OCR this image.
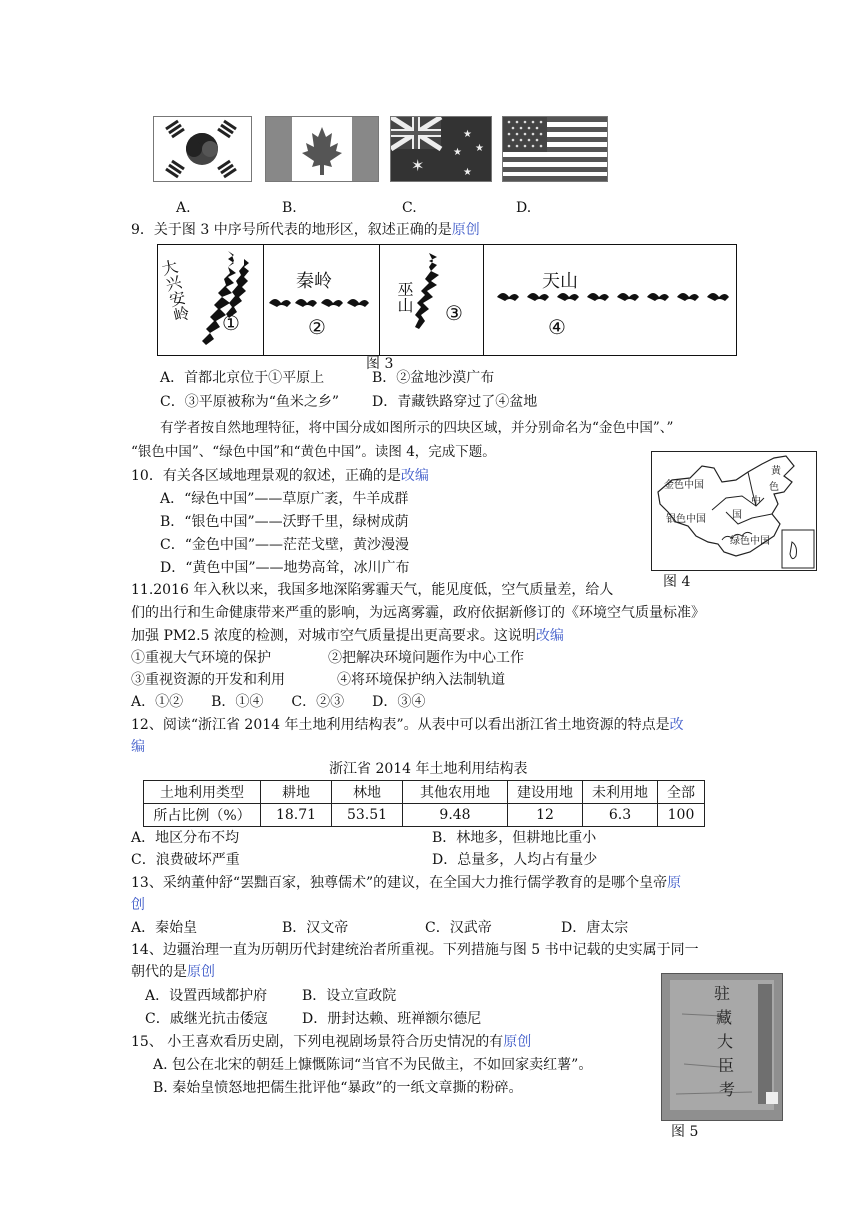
✶
★
★
★
★
A.	B.	C.	D.
9．关于图 3 中序号所代表的地形区，叙述正确的是原创
大兴安岭 ①
秦岭
②
巫山 ③
天山
④
图 3
A．首都北京位于①平原上	B．②盆地沙漠广布
C．③平原被称为“鱼米之乡” D．青藏铁路穿过了④盆地
有学者按自然地理特征，将中国分成如图所示的四块区域，并分别命名为“金色中国”、”
“银色中国”、“绿色中国”和“黄色中国”。读图 4，完成下题。
10．有关各区域地理景观的叙述，正确的是改编
A．“绿色中国”——草原广袤，牛羊成群
B．“银色中国”——沃野千里，绿树成荫
C．“金色中国”——茫茫戈壁，黄沙漫漫
D．“黄色中国”——地势高耸，冰川广布
金色中国
银色中国
绿色中国
黄
色
中
国
图 4
11.2016 年入秋以来，我国多地深陷雾霾天气，能见度低，空气质量差，给人
们的出行和生命健康带来严重的影响，为远离雾霾，政府依据新修订的《环境空气质量标准》
加强 PM2.5 浓度的检测，对城市空气质量提出更高要求。这说明改编
①重视大气环境的保护	②把解决环境问题作为中心工作
③重视资源的开发和利用	④将环境保护纳入法制轨道
A．①②　　B．①④　　C．②③　　D．③④
12、阅读“浙江省 2014 年土地利用结构表”。从表中可以看出浙江省土地资源的特点是改
编
浙江省 2014 年土地利用结构表
土地利用类型	耕地	林地	其他农用地	建设用地	未利用地	全部
所占比例（%）	18.71	53.51	9.48	12	6.3	100
A．地区分布不均	B．林地多，但耕地比重小
C．浪费破坏严重	D．总量多，人均占有量少
13、采纳董仲舒“罢黜百家，独尊儒术”的建议，在全国大力推行儒学教育的是哪个皇帝原
创
A．秦始皇	B．汉文帝	C．汉武帝	D．唐太宗
14、边疆治理一直为历朝历代封建统治者所重视。下列措施与图 5 书中记载的史实属于同一
朝代的是原创
A．设置西域都护府 B．设立宣政院
C．戚继光抗击倭寇 D．册封达赖、班禅额尔德尼
驻
藏
大
臣
考
图 5
15、 小王喜欢看历史剧，下列电视剧场景符合历史情况的有原创
A. 包公在北宋的朝廷上慷慨陈词“当官不为民做主，不如回家卖红薯”。
B. 秦始皇愤怒地把儒生批评他“暴政”的一纸文章撕的粉碎。
